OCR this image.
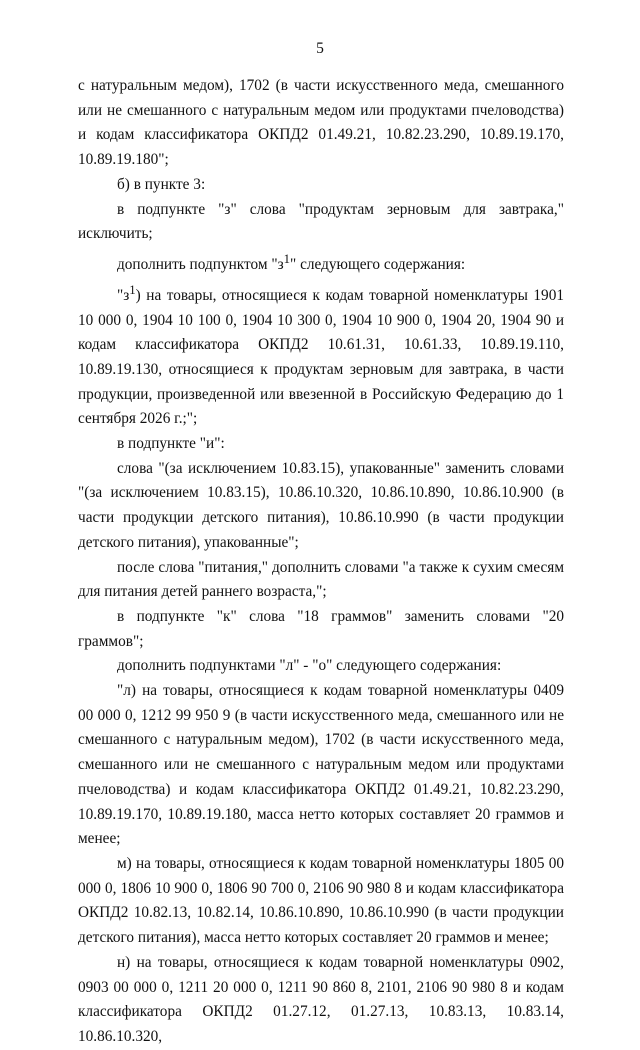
5

с натуральным медом), 1702 (в части искусственного меда, смешанного или не смешанного с натуральным медом или продуктами пчеловодства) и кодам классификатора ОКПД2 01.49.21, 10.82.23.290, 10.89.19.170, 10.89.19.180";

б) в пункте 3:

в подпункте "з" слова "продуктам зерновым для завтрака," исключить;

дополнить подпунктом "$з^1$" следующего содержания:

"$з^1$) на товары, относящиеся к кодам товарной номенклатуры 1901 10 000 0, 1904 10 100 0, 1904 10 300 0, 1904 10 900 0, 1904 20, 1904 90 и кодам классификатора ОКПД2 10.61.31, 10.61.33, 10.89.19.110, 10.89.19.130, относящиеся к продуктам зерновым для завтрака, в части продукции, произведенной или ввезенной в Российскую Федерацию до 1 сентября 2026 г.;";

в подпункте "и":

слова "(за исключением 10.83.15), упакованные" заменить словами "(за исключением 10.83.15), 10.86.10.320, 10.86.10.890, 10.86.10.900 (в части продукции детского питания), 10.86.10.990 (в части продукции детского питания), упакованные";

после слова "питания," дополнить словами "а также к сухим смесям для питания детей раннего возраста,";

в подпункте "к" слова "18 граммов" заменить словами "20 граммов";

дополнить подпунктами "л" - "о" следующего содержания:

"л) на товары, относящиеся к кодам товарной номенклатуры 0409 00 000 0, 1212 99 950 9 (в части искусственного меда, смешанного или не смешанного с натуральным медом), 1702 (в части искусственного меда, смешанного или не смешанного с натуральным медом или продуктами пчеловодства) и кодам классификатора ОКПД2 01.49.21, 10.82.23.290, 10.89.19.170, 10.89.19.180, масса нетто которых составляет 20 граммов и менее;

м) на товары, относящиеся к кодам товарной номенклатуры 1805 00 000 0, 1806 10 900 0, 1806 90 700 0, 2106 90 980 8 и кодам классификатора ОКПД2 10.82.13, 10.82.14, 10.86.10.890, 10.86.10.990 (в части продукции детского питания), масса нетто которых составляет 20 граммов и менее;

н) на товары, относящиеся к кодам товарной номенклатуры 0902, 0903 00 000 0, 1211 20 000 0, 1211 90 860 8, 2101, 2106 90 980 8 и кодам классификатора ОКПД2 01.27.12, 01.27.13, 10.83.13, 10.83.14, 10.86.10.320,
